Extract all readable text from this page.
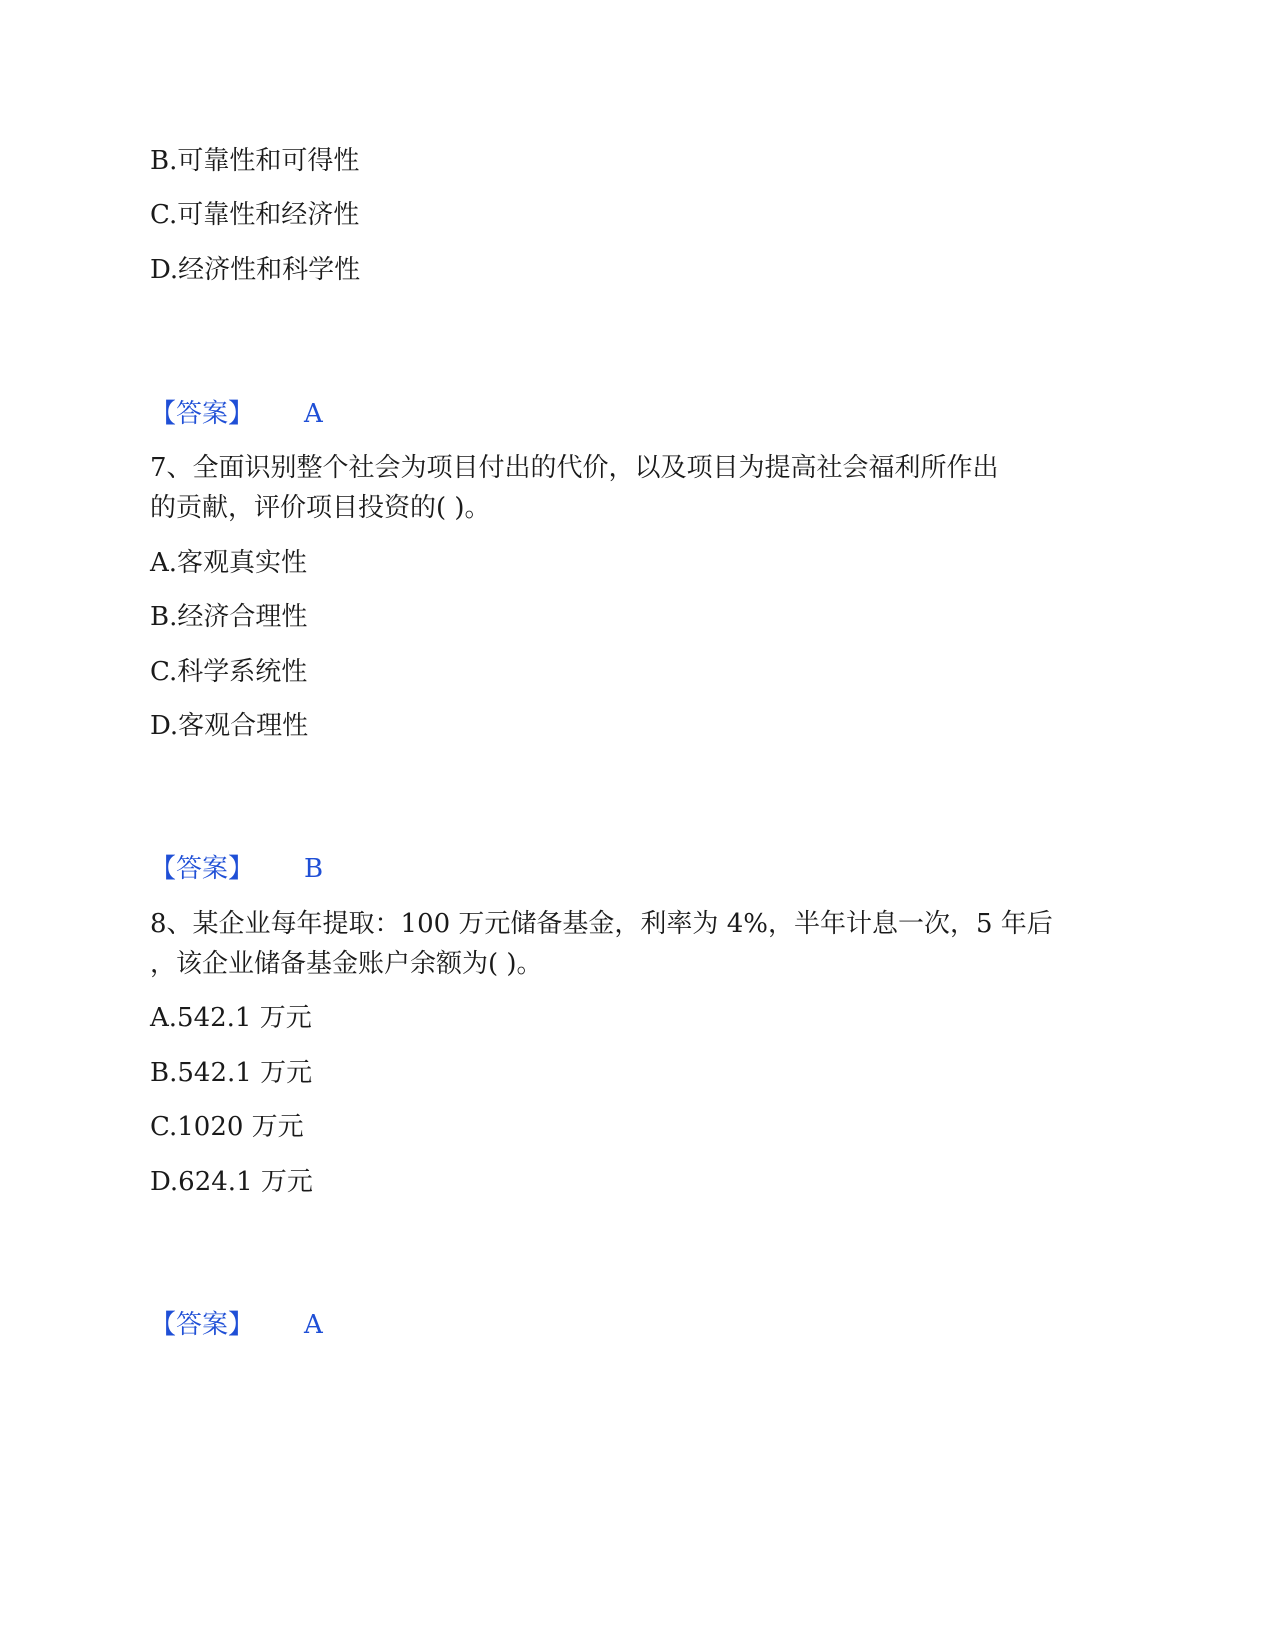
B.可靠性和可得性
C.可靠性和经济性
D.经济性和科学性
【答案】 A
7、全面识别整个社会为项目付出的代价，以及项目为提高社会福利所作出
的贡献，评价项目投资的( )。
A.客观真实性
B.经济合理性
C.科学系统性
D.客观合理性
【答案】 B
8、某企业每年提取：100 万元储备基金，利率为 4%，半年计息一次，5 年后
，该企业储备基金账户余额为( )。
A.542.1 万元
B.542.1 万元
C.1020 万元
D.624.1 万元
【答案】 A
